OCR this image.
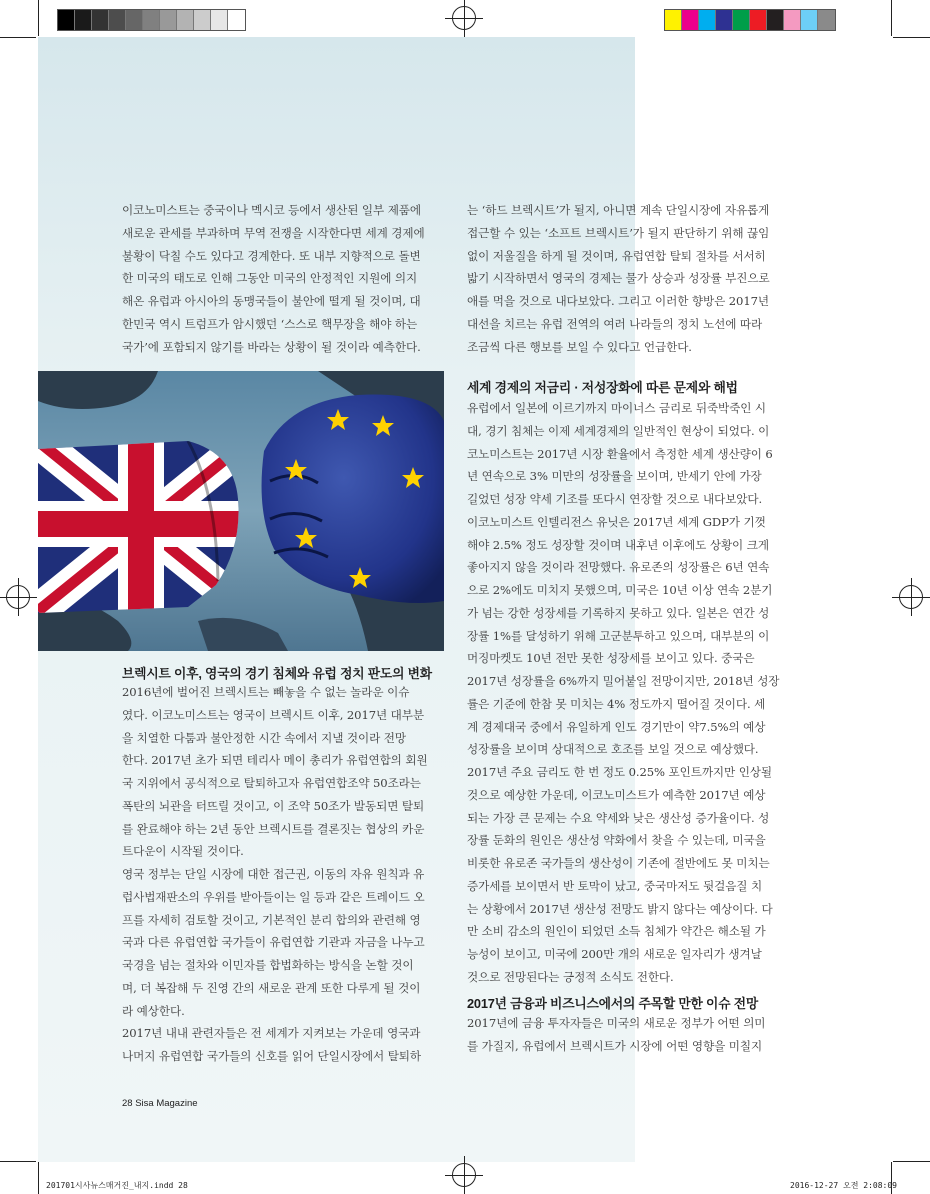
이코노미스트는 중국이나 멕시코 등에서 생산된 일부 제품에

새로운 관세를 부과하며 무역 전쟁을 시작한다면 세계 경제에

불황이 닥칠 수도 있다고 경계한다. 또 내부 지향적으로 돌변

한 미국의 태도로 인해 그동안 미국의 안정적인 지원에 의지

해온 유럽과 아시아의 동맹국들이 불안에 떨게 될 것이며, 대

한민국 역시 트럼프가 암시했던 ‘스스로 핵무장을 해야 하는

국가’에 포함되지 않기를 바라는 상황이 될 것이라 예측한다.

브렉시트 이후, 영국의 경기 침체와 유럽 정치 판도의 변화

2016년에 벌어진 브렉시트는 빼놓을 수 없는 놀라운 이슈

였다. 이코노미스트는 영국이 브렉시트 이후, 2017년 대부분

을 치열한 다툼과 불안정한 시간 속에서 지낼 것이라 전망

한다. 2017년 초가 되면 테리사 메이 총리가 유럽연합의 회원

국 지위에서 공식적으로 탈퇴하고자 유럽연합조약 50조라는

폭탄의 뇌관을 터뜨릴 것이고, 이 조약 50조가 발동되면 탈퇴

를 완료해야 하는 2년 동안 브렉시트를 결론짓는 협상의 카운

트다운이 시작될 것이다.

영국 정부는 단일 시장에 대한 접근권, 이동의 자유 원칙과 유

럽사법재판소의 우위를 받아들이는 일 등과 같은 트레이드 오

프를 자세히 검토할 것이고, 기본적인 분리 합의와 관련해 영

국과 다른 유럽연합 국가들이 유럽연합 기관과 자금을 나누고

국경을 넘는 절차와 이민자를 합법화하는 방식을 논할 것이

며, 더 복잡해 두 진영 간의 새로운 관계 또한 다루게 될 것이

라 예상한다.

2017년 내내 관련자들은 전 세계가 지켜보는 가운데 영국과

나머지 유럽연합 국가들의 신호를 읽어 단일시장에서 탈퇴하

는 ‘하드 브렉시트’가 될지, 아니면 계속 단일시장에 자유롭게

접근할 수 있는 ‘소프트 브렉시트’가 될지 판단하기 위해 끊임

없이 저울질을 하게 될 것이며, 유럽연합 탈퇴 절차를 서서히

밟기 시작하면서 영국의 경제는 물가 상승과 성장률 부진으로

애를 먹을 것으로 내다보았다. 그리고 이러한 향방은 2017년

대선을 치르는 유럽 전역의 여러 나라들의 정치 노선에 따라

조금씩 다른 행보를 보일 수 있다고 언급한다.

세계 경제의 저금리 · 저성장화에 따른 문제와 해법

유럽에서 일본에 이르기까지 마이너스 금리로 뒤죽박죽인 시

대, 경기 침체는 이제 세계경제의 일반적인 현상이 되었다. 이

코노미스트는 2017년 시장 환율에서 측정한 세계 생산량이 6

년 연속으로 3% 미만의 성장률을 보이며, 반세기 안에 가장

길었던 성장 약세 기조를 또다시 연장할 것으로 내다보았다.

이코노미스트 인텔리전스 유닛은 2017년 세계 GDP가 기껏

해야 2.5% 정도 성장할 것이며 내후년 이후에도 상황이 크게

좋아지지 않을 것이라 전망했다. 유로존의 성장률은 6년 연속

으로 2%에도 미치지 못했으며, 미국은 10년 이상 연속 2분기

가 넘는 강한 성장세를 기록하지 못하고 있다. 일본은 연간 성

장률 1%를 달성하기 위해 고군분투하고 있으며, 대부분의 이

머징마켓도 10년 전만 못한 성장세를 보이고 있다. 중국은

2017년 성장률을 6%까지 밀어붙일 전망이지만, 2018년 성장

률은 기준에 한참 못 미치는 4% 정도까지 떨어질 것이다. 세

계 경제대국 중에서 유일하게 인도 경기만이 약7.5%의 예상

성장률을 보이며 상대적으로 호조를 보일 것으로 예상했다.

2017년 주요 금리도 한 번 정도 0.25% 포인트까지만 인상될

것으로 예상한 가운데, 이코노미스트가 예측한 2017년 예상

되는 가장 큰 문제는 수요 약세와 낮은 생산성 증가율이다. 성

장률 둔화의 원인은 생산성 약화에서 찾을 수 있는데, 미국을

비롯한 유로존 국가들의 생산성이 기존에 절반에도 못 미치는

증가세를 보이면서 반 토막이 났고, 중국마저도 뒷걸음질 치

는 상황에서 2017년 생산성 전망도 밝지 않다는 예상이다. 다

만 소비 감소의 원인이 되었던 소득 침체가 약간은 해소될 가

능성이 보이고, 미국에 200만 개의 새로운 일자리가 생겨날

것으로 전망된다는 긍정적 소식도 전한다.

2017년 금융과 비즈니스에서의 주목할 만한 이슈 전망

2017년에 금융 투자자들은 미국의 새로운 정부가 어떤 의미

를 가질지, 유럽에서 브렉시트가 시장에 어떤 영향을 미칠지

28 Sisa Magazine
201701시사뉴스매거진_내지.indd 28	2016-12-27 오전 2:08:09
